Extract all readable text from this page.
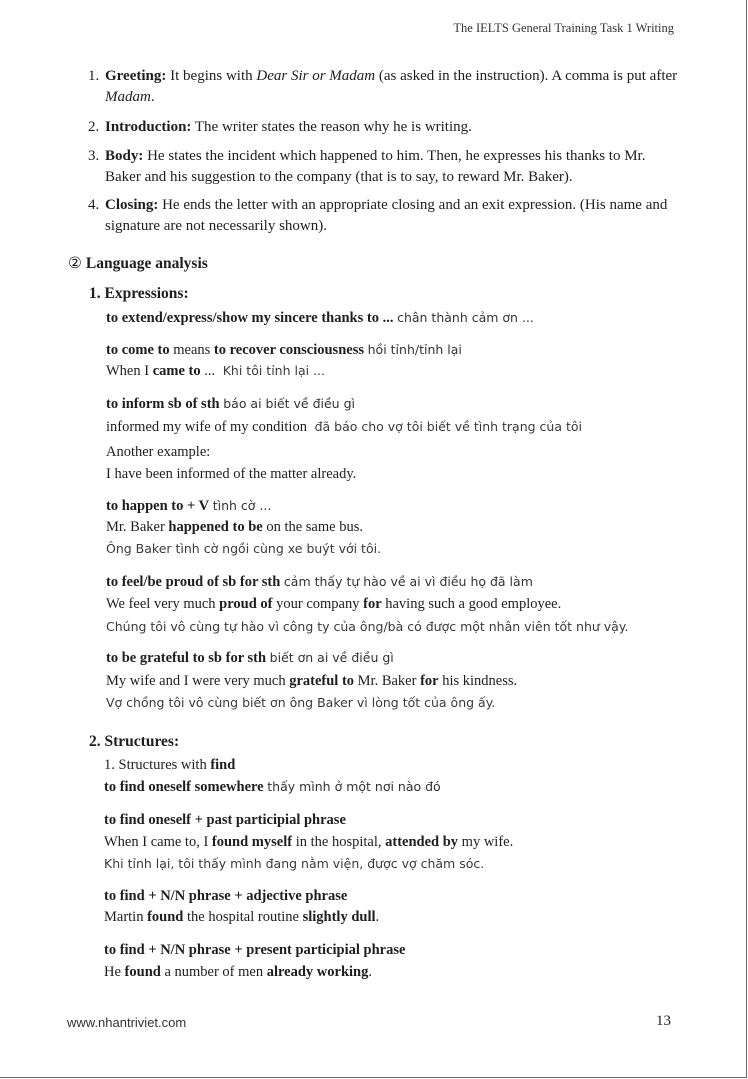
The IELTS General Training Task 1 Writing
1. Greeting: It begins with Dear Sir or Madam (as asked in the instruction). A comma is put after Madam.
2. Introduction: The writer states the reason why he is writing.
3. Body: He states the incident which happened to him. Then, he expresses his thanks to Mr. Baker and his suggestion to the company (that is to say, to reward Mr. Baker).
4. Closing: He ends the letter with an appropriate closing and an exit expression. (His name and signature are not necessarily shown).
② Language analysis
1. Expressions:
to extend/express/show my sincere thanks to ... chân thành cảm ơn ...
to come to means to recover consciousness hồi tỉnh/tỉnh lại
When I came to ... Khi tôi tỉnh lại ...
to inform sb of sth báo ai biết về điều gì
informed my wife of my condition đã báo cho vợ tôi biết về tình trạng của tôi
Another example:
I have been informed of the matter already.
to happen to + V tình cờ ...
Mr. Baker happened to be on the same bus.
Ông Baker tình cờ ngồi cùng xe buýt với tôi.
to feel/be proud of sb for sth cảm thấy tự hào về ai vì điều họ đã làm
We feel very much proud of your company for having such a good employee.
Chúng tôi vô cùng tự hào vì công ty của ông/bà có được một nhân viên tốt như vậy.
to be grateful to sb for sth biết ơn ai về điều gì
My wife and I were very much grateful to Mr. Baker for his kindness.
Vợ chồng tôi vô cùng biết ơn ông Baker vì lòng tốt của ông ấy.
2. Structures:
1. Structures with find
to find oneself somewhere thấy mình ở một nơi nào đó
to find oneself + past participial phrase
When I came to, I found myself in the hospital, attended by my wife.
Khi tỉnh lại, tôi thấy mình đang nằm viện, được vợ chăm sóc.
to find + N/N phrase + adjective phrase
Martin found the hospital routine slightly dull.
to find + N/N phrase + present participial phrase
He found a number of men already working.
www.nhantriviet.com	13
